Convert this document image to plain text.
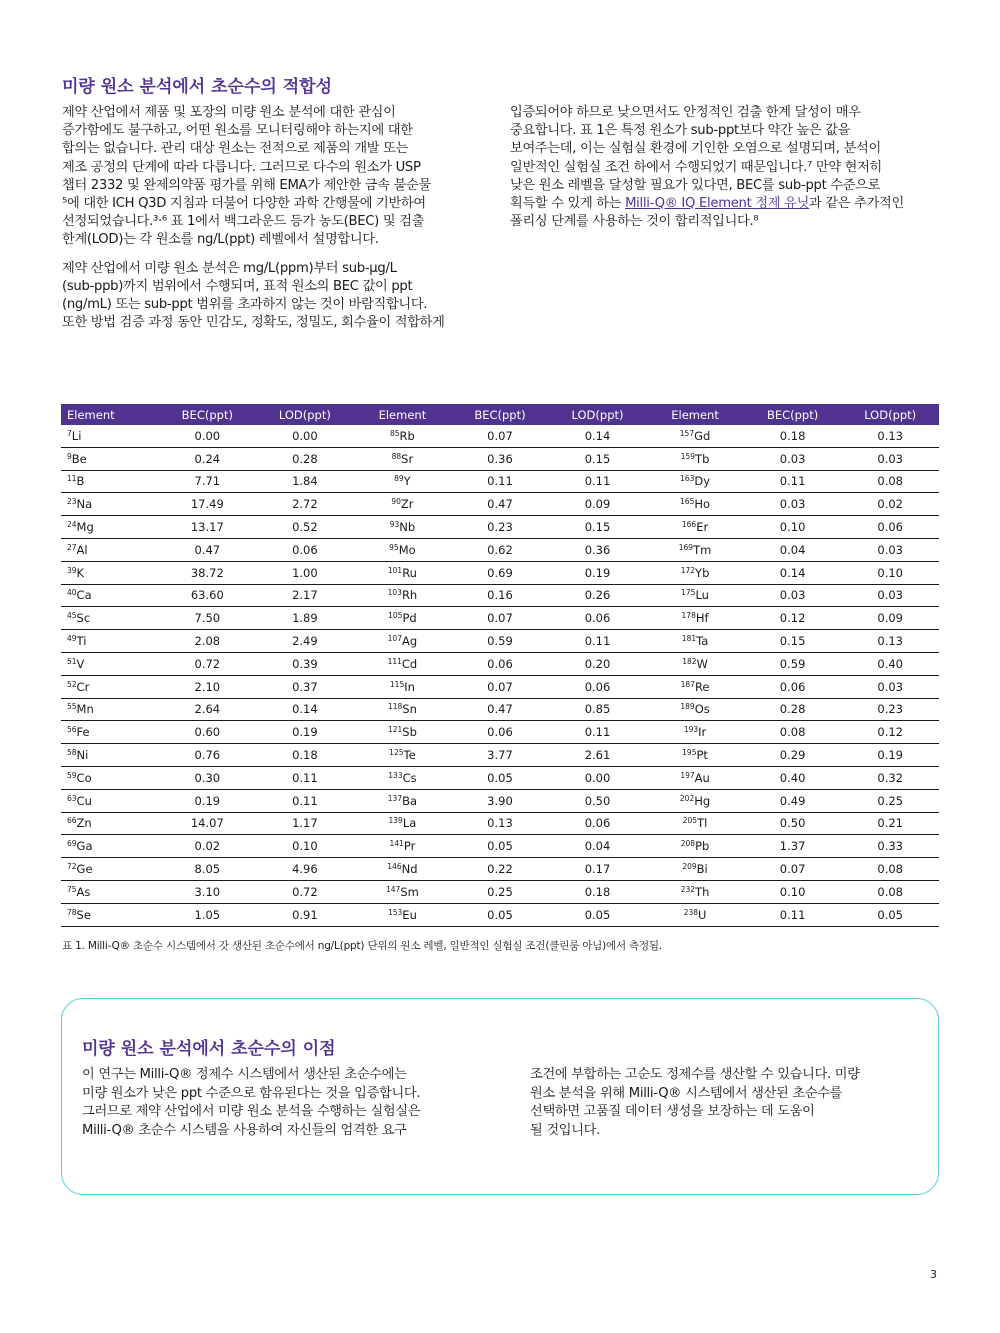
미량 원소 분석에서 초순수의 적합성

제약 산업에서 제품 및 포장의 미량 원소 분석에 대한 관심이
증가함에도 불구하고, 어떤 원소를 모니터링해야 하는지에 대한
합의는 없습니다. 관리 대상 원소는 전적으로 제품의 개발 또는
제조 공정의 단계에 따라 다릅니다. 그러므로 다수의 원소가 USP
챕터 2332 및 완제의약품 평가를 위해 EMA가 제안한 금속 불순물
⁵에 대한 ICH Q3D 지침과 더불어 다양한 과학 간행물에 기반하여
선정되었습니다.³·⁶ 표 1에서 백그라운드 등가 농도(BEC) 및 검출
한계(LOD)는 각 원소를 ng/L(ppt) 레벨에서 설명합니다.

제약 산업에서 미량 원소 분석은 mg/L(ppm)부터 sub-µg/L
(sub-ppb)까지 범위에서 수행되며, 표적 원소의 BEC 값이 ppt
(ng/mL) 또는 sub-ppt 범위를 초과하지 않는 것이 바람직합니다.
또한 방법 검증 과정 동안 민감도, 정확도, 정밀도, 회수율이 적합하게

입증되어야 하므로 낮으면서도 안정적인 검출 한계 달성이 매우
중요합니다. 표 1은 특정 원소가 sub-ppt보다 약간 높은 값을
보여주는데, 이는 실험실 환경에 기인한 오염으로 설명되며, 분석이
일반적인 실험실 조건 하에서 수행되었기 때문입니다.⁷ 만약 현저히
낮은 원소 레벨을 달성할 필요가 있다면, BEC를 sub-ppt 수준으로
획득할 수 있게 하는 Milli-Q® IQ Element 정제 유닛과 같은 추가적인
폴리싱 단계를 사용하는 것이 합리적입니다.⁸

Element	BEC(ppt)	LOD(ppt)	Element	BEC(ppt)	LOD(ppt)	Element	BEC(ppt)	LOD(ppt)
$^7$Li	0.00	0.00	$^{85}$Rb	0.07	0.14	$^{157}$Gd	0.18	0.13
$^9$Be	0.24	0.28	$^{88}$Sr	0.36	0.15	$^{159}$Tb	0.03	0.03
$^{11}$B	7.71	1.84	$^{89}$Y	0.11	0.11	$^{163}$Dy	0.11	0.08
$^{23}$Na	17.49	2.72	$^{90}$Zr	0.47	0.09	$^{165}$Ho	0.03	0.02
$^{24}$Mg	13.17	0.52	$^{93}$Nb	0.23	0.15	$^{166}$Er	0.10	0.06
$^{27}$Al	0.47	0.06	$^{95}$Mo	0.62	0.36	$^{169}$Tm	0.04	0.03
$^{39}$K	38.72	1.00	$^{101}$Ru	0.69	0.19	$^{172}$Yb	0.14	0.10
$^{40}$Ca	63.60	2.17	$^{103}$Rh	0.16	0.26	$^{175}$Lu	0.03	0.03
$^{45}$Sc	7.50	1.89	$^{105}$Pd	0.07	0.06	$^{178}$Hf	0.12	0.09
$^{49}$Ti	2.08	2.49	$^{107}$Ag	0.59	0.11	$^{181}$Ta	0.15	0.13
$^{51}$V	0.72	0.39	$^{111}$Cd	0.06	0.20	$^{182}$W	0.59	0.40
$^{52}$Cr	2.10	0.37	$^{115}$In	0.07	0.06	$^{187}$Re	0.06	0.03
$^{55}$Mn	2.64	0.14	$^{118}$Sn	0.47	0.85	$^{189}$Os	0.28	0.23
$^{56}$Fe	0.60	0.19	$^{121}$Sb	0.06	0.11	$^{193}$Ir	0.08	0.12
$^{58}$Ni	0.76	0.18	$^{125}$Te	3.77	2.61	$^{195}$Pt	0.29	0.19
$^{59}$Co	0.30	0.11	$^{133}$Cs	0.05	0.00	$^{197}$Au	0.40	0.32
$^{63}$Cu	0.19	0.11	$^{137}$Ba	3.90	0.50	$^{202}$Hg	0.49	0.25
$^{66}$Zn	14.07	1.17	$^{139}$La	0.13	0.06	$^{205}$Tl	0.50	0.21
$^{69}$Ga	0.02	0.10	$^{141}$Pr	0.05	0.04	$^{208}$Pb	1.37	0.33
$^{72}$Ge	8.05	4.96	$^{146}$Nd	0.22	0.17	$^{209}$Bi	0.07	0.08
$^{75}$As	3.10	0.72	$^{147}$Sm	0.25	0.18	$^{232}$Th	0.10	0.08
$^{78}$Se	1.05	0.91	$^{153}$Eu	0.05	0.05	$^{238}$U	0.11	0.05
표 1. Milli-Q® 초순수 시스템에서 갓 생산된 초순수에서 ng/L(ppt) 단위의 원소 레벨, 일반적인 실험실 조건(클린룸 아님)에서 측정됨.
미량 원소 분석에서 초순수의 이점
이 연구는 Milli-Q® 정제수 시스템에서 생산된 초순수에는
미량 원소가 낮은 ppt 수준으로 함유된다는 것을 입증합니다.
그러므로 제약 산업에서 미량 원소 분석을 수행하는 실험실은
Milli-Q® 초순수 시스템을 사용하여 자신들의 엄격한 요구
조건에 부합하는 고순도 정제수를 생산할 수 있습니다. 미량
원소 분석을 위해 Milli-Q® 시스템에서 생산된 초순수를
선택하면 고품질 데이터 생성을 보장하는 데 도움이
될 것입니다.
3
